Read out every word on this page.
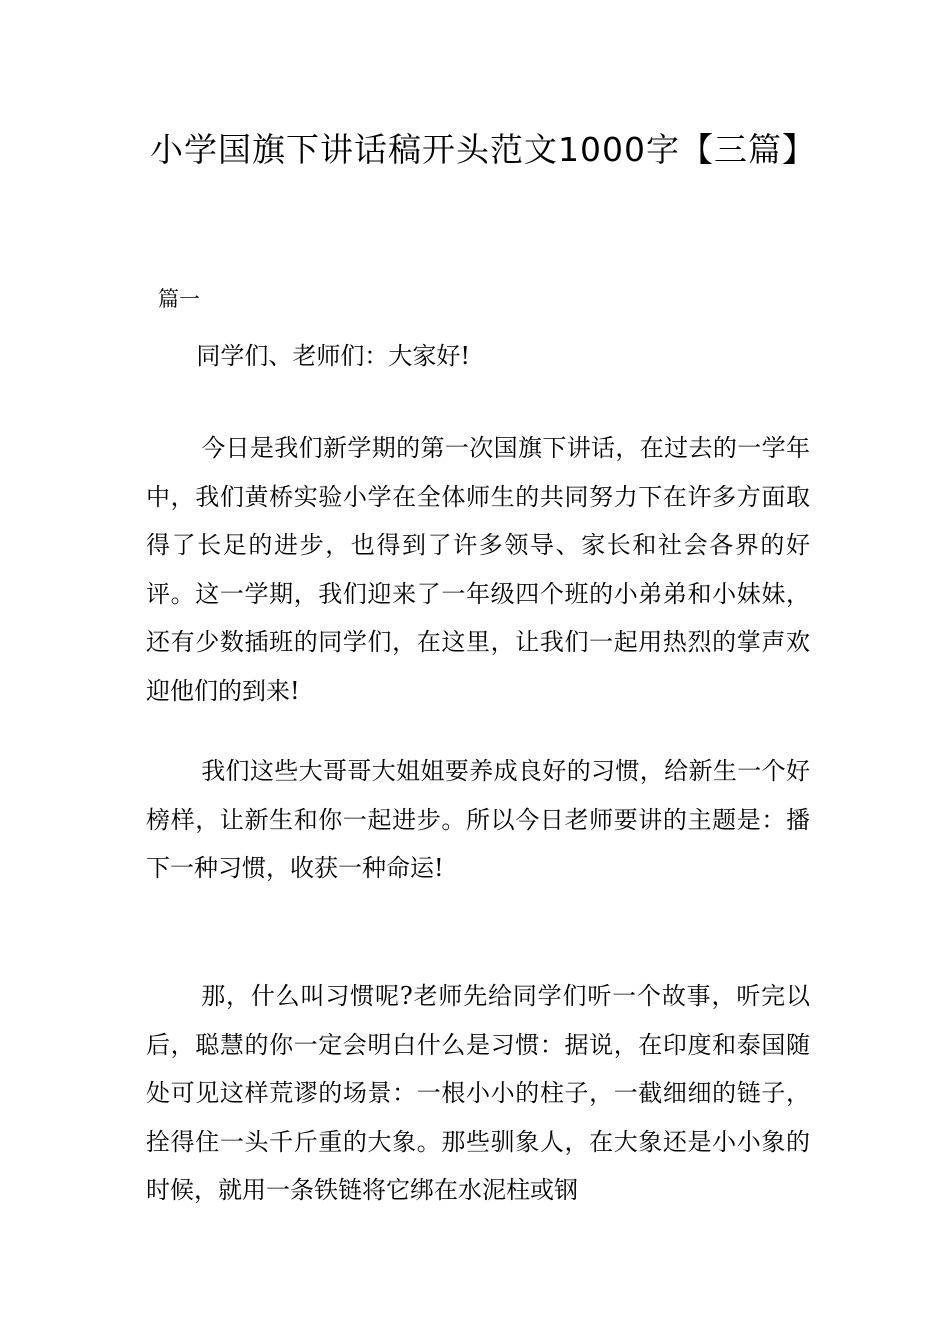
小学国旗下讲话稿开头范文1000字【三篇】

篇一

同学们、老师们：大家好!

今日是我们新学期的第一次国旗下讲话，在过去的一学年中，我们黄桥实验小学在全体师生的共同努力下在许多方面取得了长足的进步，也得到了许多领导、家长和社会各界的好评。这一学期，我们迎来了一年级四个班的小弟弟和小妹妹，还有少数插班的同学们，在这里，让我们一起用热烈的掌声欢迎他们的到来!

我们这些大哥哥大姐姐要养成良好的习惯，给新生一个好榜样，让新生和你一起进步。所以今日老师要讲的主题是：播下一种习惯，收获一种命运!

那，什么叫习惯呢?老师先给同学们听一个故事，听完以后，聪慧的你一定会明白什么是习惯：据说，在印度和泰国随处可见这样荒谬的场景：一根小小的柱子，一截细细的链子，拴得住一头千斤重的大象。那些驯象人，在大象还是小小象的时候，就用一条铁链将它绑在水泥柱或钢
